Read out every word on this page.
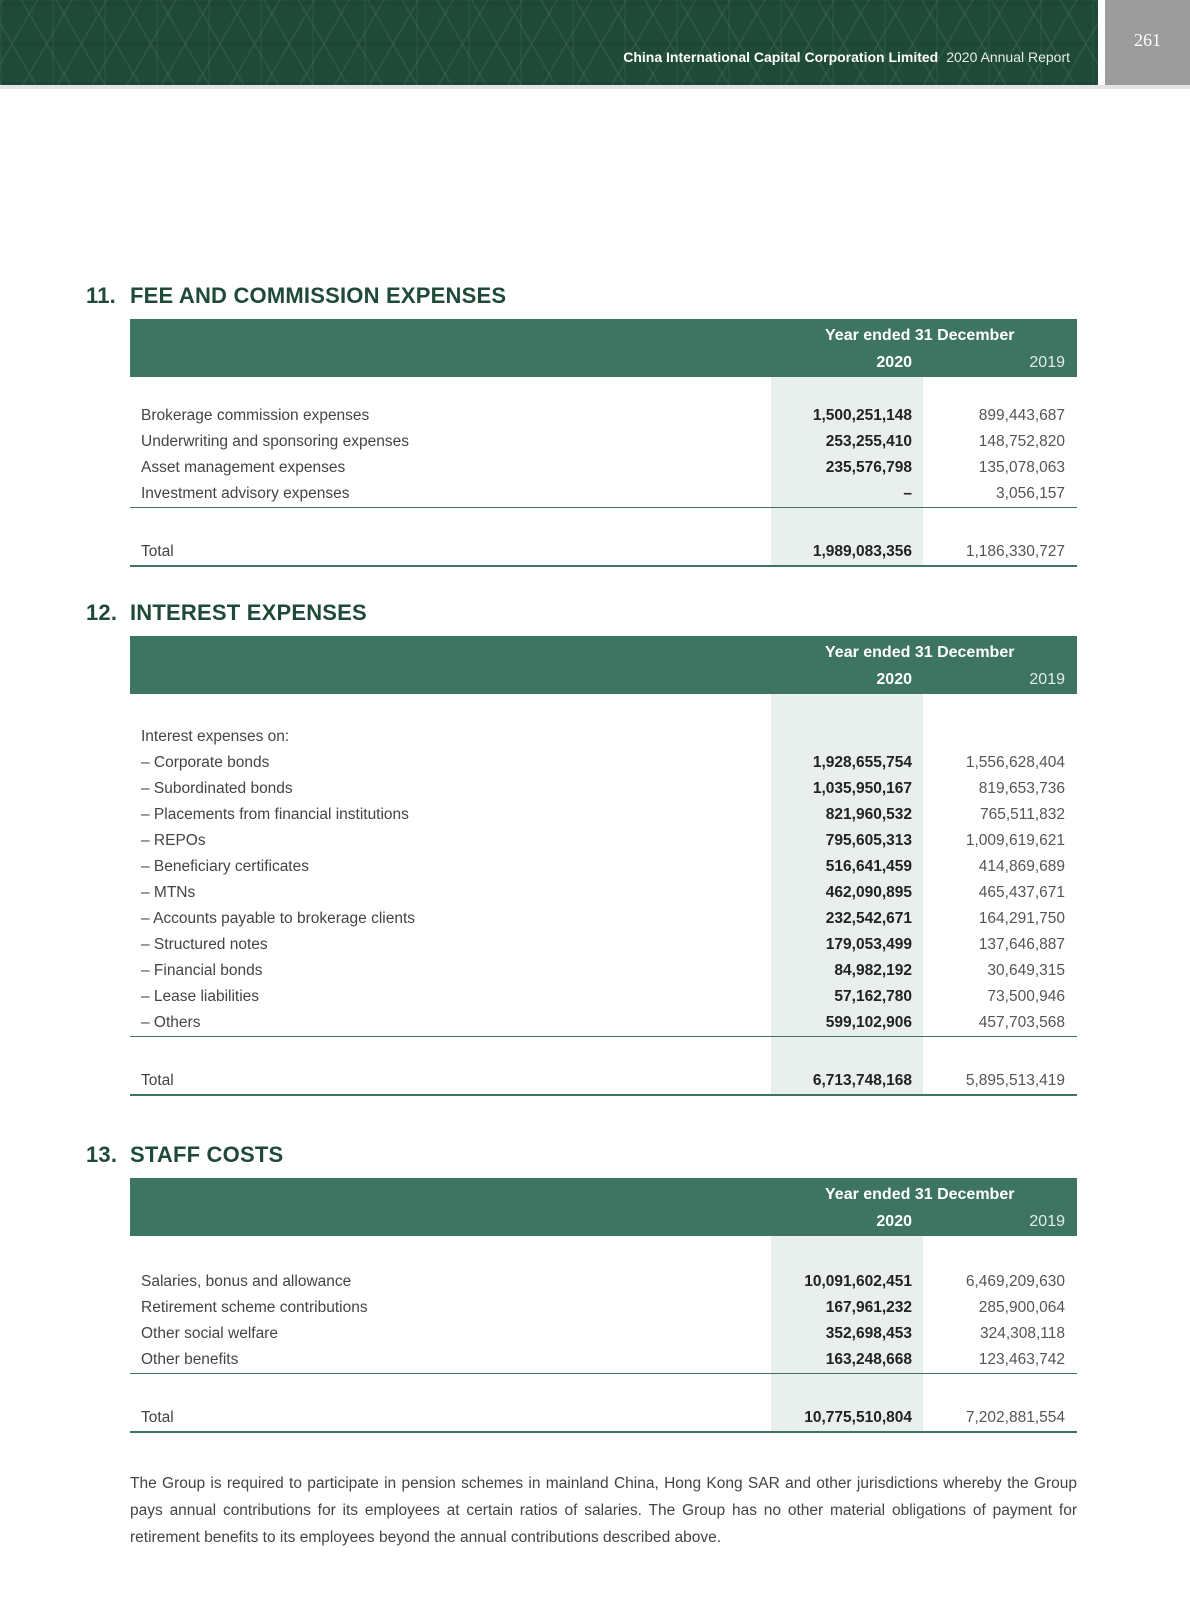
China International Capital Corporation Limited 2020 Annual Report
261
11. FEE AND COMMISSION EXPENSES
Year ended 31 December
2020	2019
Brokerage commission expenses	1,500,251,148	899,443,687
Underwriting and sponsoring expenses	253,255,410	148,752,820
Asset management expenses	235,576,798	135,078,063
Investment advisory expenses	–	3,056,157
Total	1,989,083,356	1,186,330,727
12. INTEREST EXPENSES
Year ended 31 December
2020	2019
Interest expenses on:
– Corporate bonds	1,928,655,754	1,556,628,404
– Subordinated bonds	1,035,950,167	819,653,736
– Placements from financial institutions	821,960,532	765,511,832
– REPOs	795,605,313	1,009,619,621
– Beneficiary certificates	516,641,459	414,869,689
– MTNs	462,090,895	465,437,671
– Accounts payable to brokerage clients	232,542,671	164,291,750
– Structured notes	179,053,499	137,646,887
– Financial bonds	84,982,192	30,649,315
– Lease liabilities	57,162,780	73,500,946
– Others	599,102,906	457,703,568
Total	6,713,748,168	5,895,513,419
13. STAFF COSTS
Year ended 31 December
2020	2019
Salaries, bonus and allowance	10,091,602,451	6,469,209,630
Retirement scheme contributions	167,961,232	285,900,064
Other social welfare	352,698,453	324,308,118
Other benefits	163,248,668	123,463,742
Total	10,775,510,804	7,202,881,554

The Group is required to participate in pension schemes in mainland China, Hong Kong SAR and other jurisdictions whereby the Group pays annual contributions for its employees at certain ratios of salaries. The Group has no other material obligations of payment for retirement benefits to its employees beyond the annual contributions described above.
